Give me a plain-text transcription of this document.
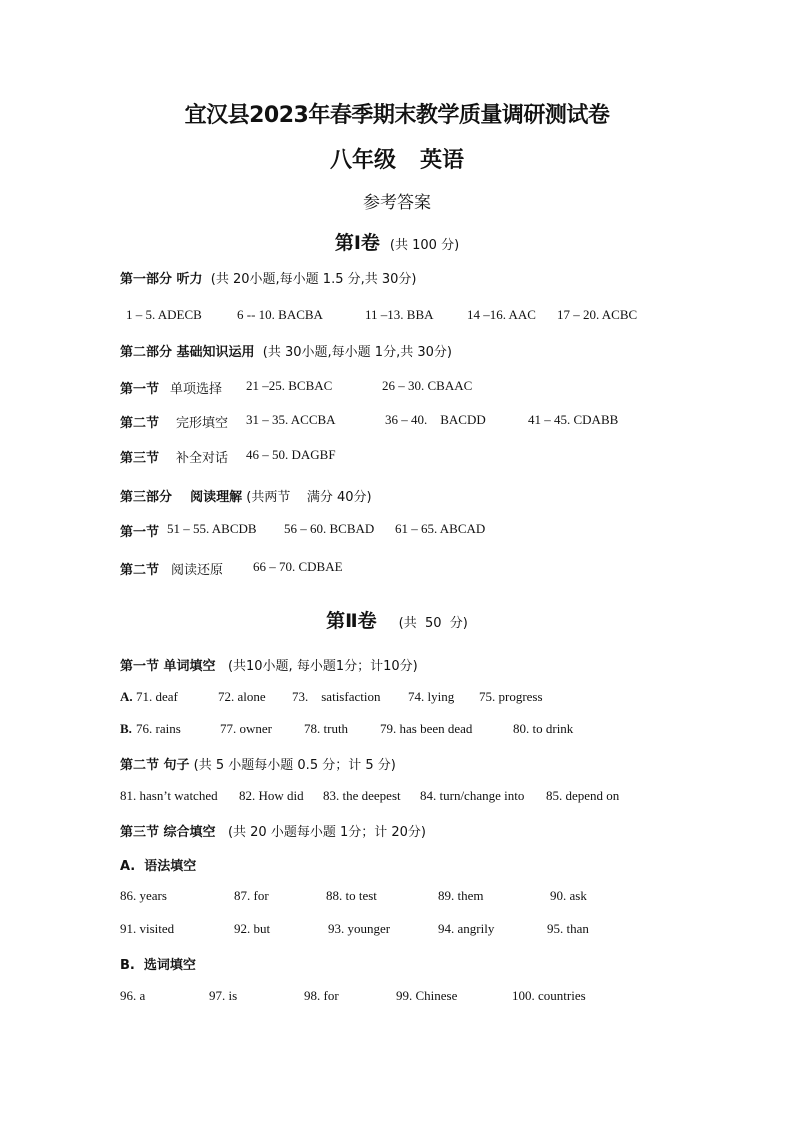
宜汉县2023年春季期末教学质量调研测试卷
八年级 英语
参考答案
第Ⅰ卷 (共 100 分)
第一部分 听力 (共 20小题,每小题 1.5 分,共 30分)
1 – 5. ADECB	6 -- 10. BACBA	11 –13. BBA	14 –16. AAC 17 – 20. ACBC
第二部分 基础知识运用 (共 30小题,每小题 1分,共 30分)
第一节 单项选择 21 –25. BCBAC	26 – 30. CBAAC
第二节 完形填空 31 – 35. ACCBA	36 – 40.    BACDD	41 – 45. CDABB
第三节 补全对话 46 – 50. DAGBF
第三部分    阅读理解 (共两节    满分 40分)
第一节 51 – 55. ABCDB 56 – 60. BCBAD 61 – 65. ABCAD
第二节 阅读还原 66 – 70. CDBAE
第Ⅱ卷 (共  50  分)
第一节 单词填空 (共10小题, 每小题1分；计10分)
A. 71. deaf	72. alone 73.    satisfaction 74. lying 75. progress
B. 76. rains	77. owner 78. truth 79. has been dead	80. to drink
第二节 句子 (共 5 小题每小题 0.5 分；计 5 分)
81. hasn’t watched 82. How did 83. the deepest 84. turn/change into 85. depend on
第三节 综合填空 (共 20 小题每小题 1分；计 20分)
A.  语法填空
86. years	87. for	88. to test	89. them	90. ask
91. visited	92. but	93. younger	94. angrily	95. than
B.  选词填空
96. a	97. is	98. for	99. Chinese	100. countries
